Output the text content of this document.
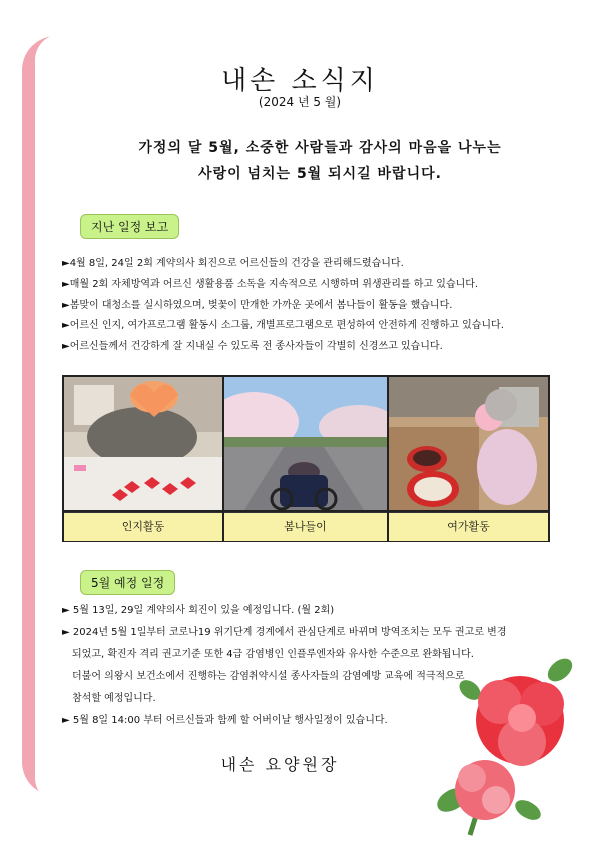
내손 소식지
(2024 년 5 월)
가정의 달 5월, 소중한 사람들과 감사의 마음을 나누는
사랑이 넘치는 5월 되시길 바랍니다.
지난 일정 보고
►4월 8일, 24일 2회 계약의사 회진으로 어르신들의 건강을 관리해드렸습니다.
►매월 2회 자체방역과 어르신 생활용품 소독을 지속적으로 시행하며 위생관리를 하고 있습니다.
►봄맞이 대청소를 실시하였으며, 벚꽃이 만개한 가까운 곳에서 봄나들이 활동을 했습니다.
►어르신 인지, 여가프로그램 활동시 소그룹, 개별프로그램으로 편성하여 안전하게 진행하고 있습니다.
►어르신들께서 건강하게 잘 지내실 수 있도록 전 종사자들이 각별히 신경쓰고 있습니다.
인지활동	봄나들이	여가활동
5월 예정 일정
► 5월 13일, 29일 계약의사 회진이 있을 예정입니다. (월 2회)
► 2024년 5월 1일부터 코로나19 위기단계 경계에서 관심단계로 바뀌며 방역조치는 모두 권고로 변경
되었고, 확진자 격리 권고기준 또한 4급 감염병인 인플루엔자와 유사한 수준으로 완화됩니다.
더불어 의왕시 보건소에서 진행하는 감염취약시설 종사자들의 감염예방 교육에 적극적으로
참석할 예정입니다.
► 5월 8일 14:00 부터 어르신들과 함께 할 어버이날 행사일정이 있습니다.
내손 요양원장
